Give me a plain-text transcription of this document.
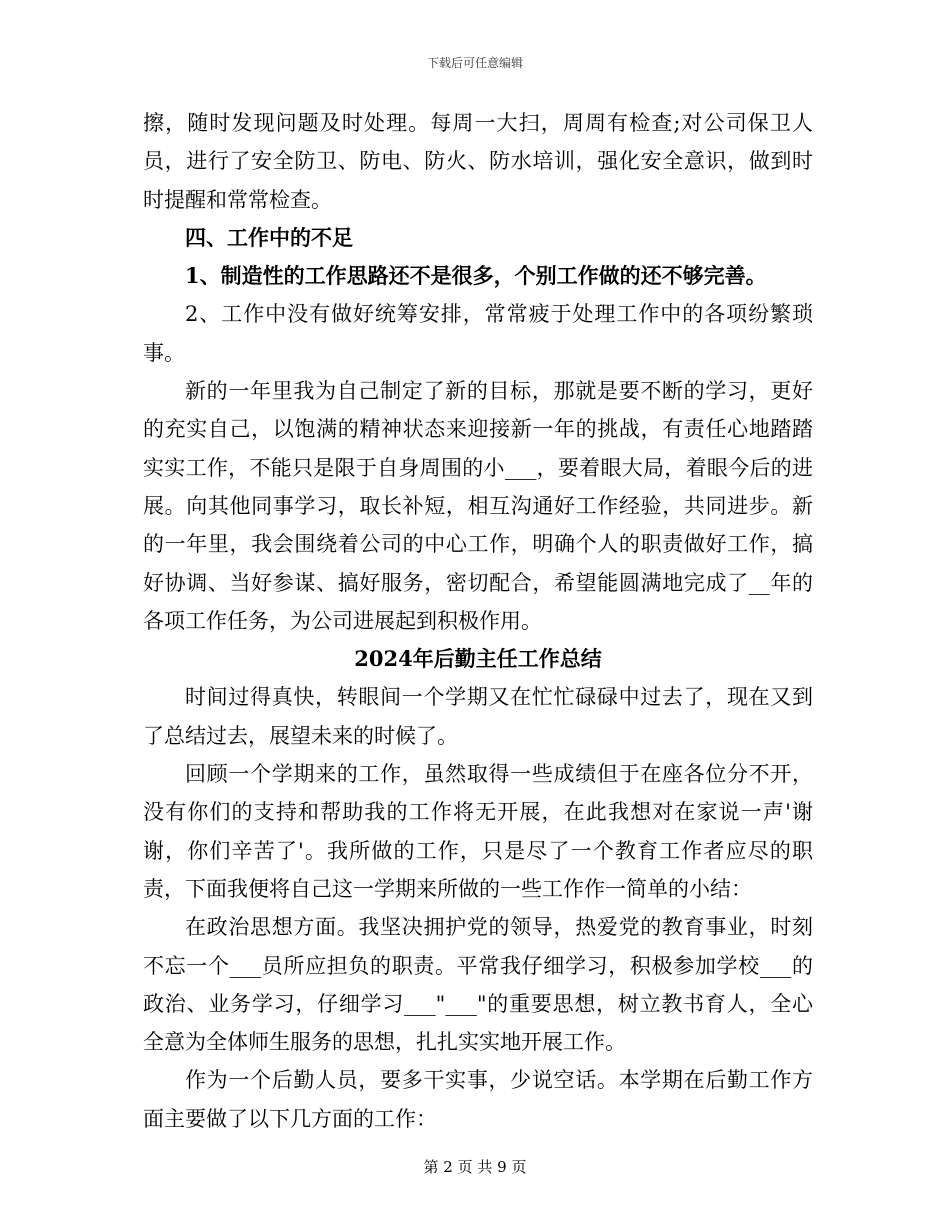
下载后可任意编辑

擦，随时发现问题及时处理。每周一大扫，周周有检查;对公司保卫人员，进行了安全防卫、防电、防火、防水培训，强化安全意识，做到时时提醒和常常检查。

四、工作中的不足

1、制造性的工作思路还不是很多，个别工作做的还不够完善。

2、工作中没有做好统筹安排，常常疲于处理工作中的各项纷繁琐事。

新的一年里我为自己制定了新的目标，那就是要不断的学习，更好的充实自己，以饱满的精神状态来迎接新一年的挑战，有责任心地踏踏实实工作，不能只是限于自身周围的小___，要着眼大局，着眼今后的进展。向其他同事学习，取长补短，相互沟通好工作经验，共同进步。新的一年里，我会围绕着公司的中心工作，明确个人的职责做好工作，搞好协调、当好参谋、搞好服务，密切配合，希望能圆满地完成了__年的各项工作任务，为公司进展起到积极作用。

2024年后勤主任工作总结

时间过得真快，转眼间一个学期又在忙忙碌碌中过去了，现在又到了总结过去，展望未来的时候了。

回顾一个学期来的工作，虽然取得一些成绩但于在座各位分不开，没有你们的支持和帮助我的工作将无开展，在此我想对在家说一声'谢谢，你们辛苦了'。我所做的工作，只是尽了一个教育工作者应尽的职责，下面我便将自己这一学期来所做的一些工作作一简单的小结：

在政治思想方面。我坚决拥护党的领导，热爱党的教育事业，时刻不忘一个___员所应担负的职责。平常我仔细学习，积极参加学校___的政治、业务学习，仔细学习___"___"的重要思想，树立教书育人，全心全意为全体师生服务的思想，扎扎实实地开展工作。

作为一个后勤人员，要多干实事，少说空话。本学期在后勤工作方面主要做了以下几方面的工作：

第 2 页 共 9 页
